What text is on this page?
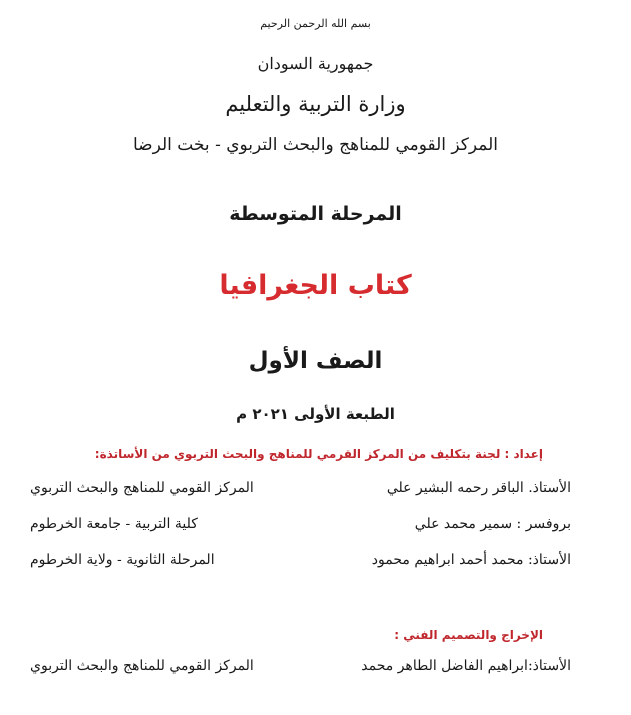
بسم الله الرحمن الرحيم
جمهورية السودان
وزارة التربية والتعليم
المركز القومي للمناهج والبحث التربوي - بخت الرضا
المرحلة المتوسطة
كتاب الجغرافيا
الصف الأول
الطبعة الأولى ٢٠٢١ م
إعداد : لجنة بتكليف من المركز القرمي للمناهج والبحث التربوي من الأساتذة:
الأستاذ. الباقر رحمه البشير علي
المركز القومي للمناهج والبحث التربوي
بروفسر : سمير محمد علي
كلية التربية - جامعة الخرطوم
الأستاذ: محمد أحمد ابراهيم محمود
المرحلة الثانوية - ولاية الخرطوم
الإخراج والتصميم الفني :
الأستاذ:ابراهيم الفاضل الطاهر محمد
المركز القومي للمناهج والبحث التربوي
